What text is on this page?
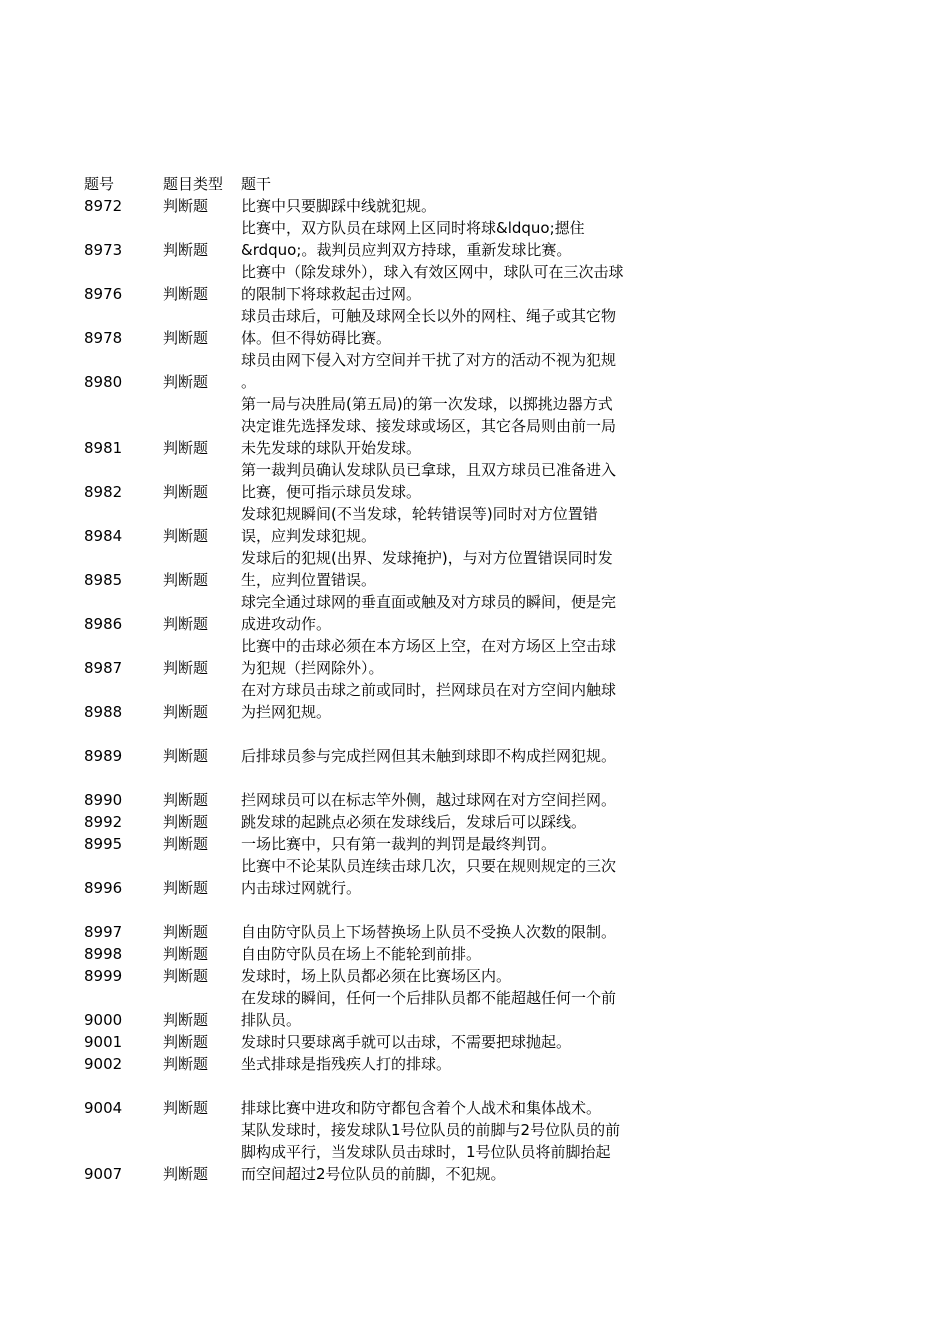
题号	题目类型 题干
8972	判断题 比赛中只要脚踩中线就犯规。
8973	判断题
比赛中，双方队员在球网上区同时将球&ldquo;摁住
&rdquo;。裁判员应判双方持球，重新发球比赛。
8976	判断题
比赛中（除发球外），球入有效区网中，球队可在三次击球
的限制下将球救起击过网。
8978	判断题
球员击球后，可触及球网全长以外的网柱、绳子或其它物
体。但不得妨碍比赛。
8980	判断题
球员由网下侵入对方空间并干扰了对方的活动不视为犯规
。
8981	判断题
第一局与决胜局(第五局)的第一次发球，以掷挑边器方式
决定谁先选择发球、接发球或场区，其它各局则由前一局
未先发球的球队开始发球。
8982	判断题
第一裁判员确认发球队员已拿球，且双方球员已准备进入
比赛，便可指示球员发球。
8984	判断题
发球犯规瞬间(不当发球，轮转错误等)同时对方位置错
误，应判发球犯规。
8985	判断题
发球后的犯规(出界、发球掩护)，与对方位置错误同时发
生，应判位置错误。
8986	判断题
球完全通过球网的垂直面或触及对方球员的瞬间，便是完
成进攻动作。
8987	判断题
比赛中的击球必须在本方场区上空，在对方场区上空击球
为犯规（拦网除外）。
8988	判断题
在对方球员击球之前或同时，拦网球员在对方空间内触球
为拦网犯规。
8989	判断题 后排球员参与完成拦网但其未触到球即不构成拦网犯规。
8990	判断题 拦网球员可以在标志竿外侧，越过球网在对方空间拦网。
8992	判断题 跳发球的起跳点必须在发球线后，发球后可以踩线。
8995	判断题 一场比赛中，只有第一裁判的判罚是最终判罚。
8996	判断题
比赛中不论某队员连续击球几次，只要在规则规定的三次
内击球过网就行。
8997	判断题 自由防守队员上下场替换场上队员不受换人次数的限制。
8998	判断题 自由防守队员在场上不能轮到前排。
8999	判断题 发球时，场上队员都必须在比赛场区内。
9000	判断题
在发球的瞬间，任何一个后排队员都不能超越任何一个前
排队员。
9001	判断题 发球时只要球离手就可以击球，不需要把球抛起。
9002	判断题 坐式排球是指残疾人打的排球。
9004	判断题 排球比赛中进攻和防守都包含着个人战术和集体战术。
9007	判断题
某队发球时，接发球队1号位队员的前脚与2号位队员的前
脚构成平行，当发球队员击球时，1号位队员将前脚抬起
而空间超过2号位队员的前脚，不犯规。
